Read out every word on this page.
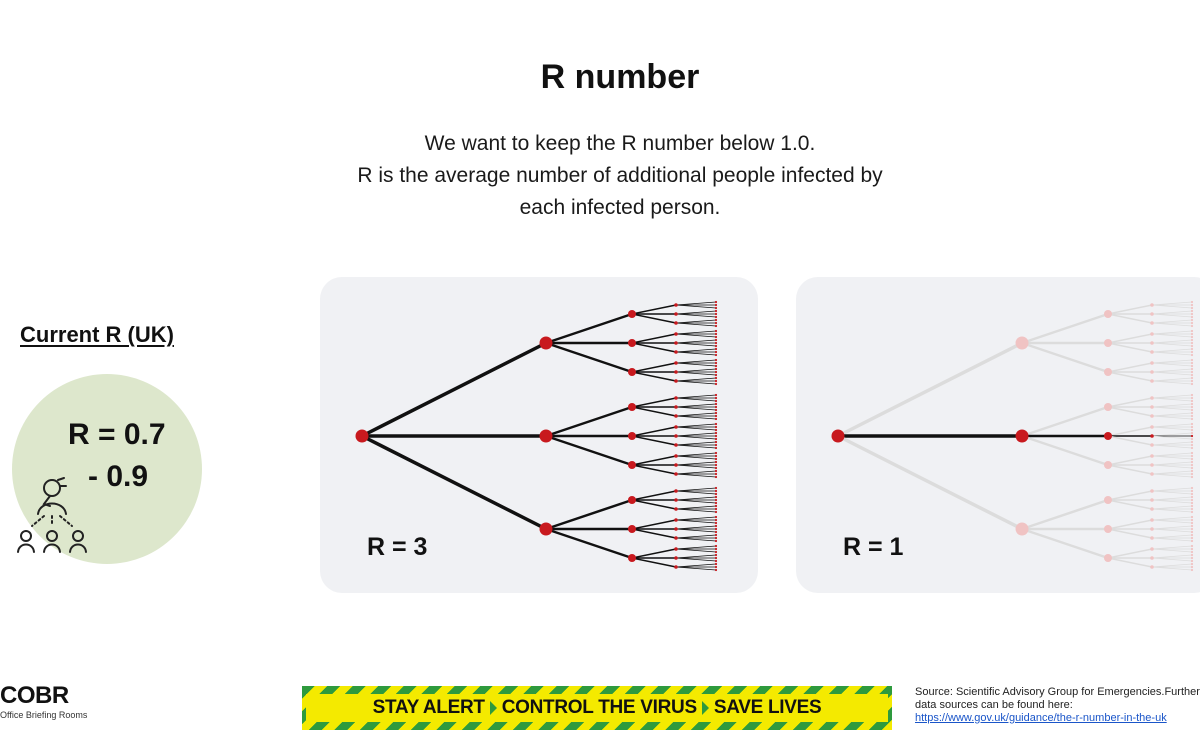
R number
We want to keep the R number below 1.0.
R is the average number of additional people infected by
each infected person.
Current R (UK)
R = 0.7
- 0.9
R = 3	R = 1
COBR
Office Briefing Rooms	STAY ALERT CONTROL THE VIRUS SAVE LIVES
Source: Scientific Advisory Group for Emergencies.Further data sources can be found here:
https://www.gov.uk/guidance/the-r-number-in-the-uk
